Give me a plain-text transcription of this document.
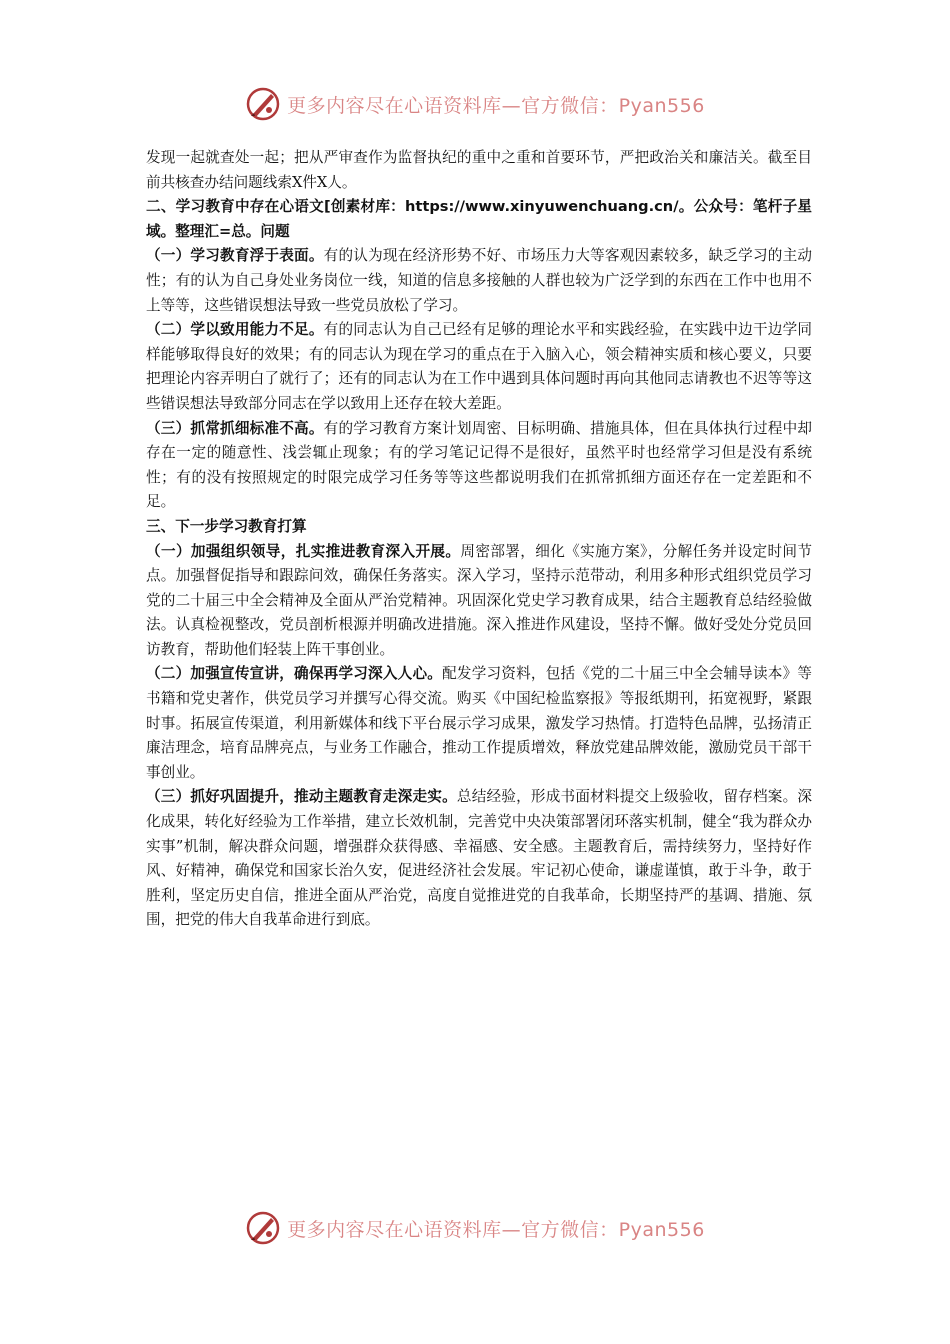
更多内容尽在心语资料库—官方微信：Pyan556

发现一起就查处一起；把从严审查作为监督执纪的重中之重和首要环节，严把政治关和廉洁关。截至目前共核查办结问题线索X件X人。

二、学习教育中存在心语文[创素材库：https://www.xinyuwenchuang.cn/。公众号：笔杆子星域。整理汇=总。问题

（一）学习教育浮于表面。有的认为现在经济形势不好、市场压力大等客观因素较多，缺乏学习的主动性；有的认为自己身处业务岗位一线，知道的信息多接触的人群也较为广泛学到的东西在工作中也用不上等等，这些错误想法导致一些党员放松了学习。

（二）学以致用能力不足。有的同志认为自己已经有足够的理论水平和实践经验，在实践中边干边学同样能够取得良好的效果；有的同志认为现在学习的重点在于入脑入心，领会精神实质和核心要义，只要把理论内容弄明白了就行了；还有的同志认为在工作中遇到具体问题时再向其他同志请教也不迟等等这些错误想法导致部分同志在学以致用上还存在较大差距。

（三）抓常抓细标准不高。有的学习教育方案计划周密、目标明确、措施具体，但在具体执行过程中却存在一定的随意性、浅尝辄止现象；有的学习笔记记得不是很好，虽然平时也经常学习但是没有系统性；有的没有按照规定的时限完成学习任务等等这些都说明我们在抓常抓细方面还存在一定差距和不足。

三、下一步学习教育打算

（一）加强组织领导，扎实推进教育深入开展。周密部署，细化《实施方案》，分解任务并设定时间节点。加强督促指导和跟踪问效，确保任务落实。深入学习，坚持示范带动，利用多种形式组织党员学习党的二十届三中全会精神及全面从严治党精神。巩固深化党史学习教育成果，结合主题教育总结经验做法。认真检视整改，党员剖析根源并明确改进措施。深入推进作风建设，坚持不懈。做好受处分党员回访教育，帮助他们轻装上阵干事创业。

（二）加强宣传宣讲，确保再学习深入人心。配发学习资料，包括《党的二十届三中全会辅导读本》等书籍和党史著作，供党员学习并撰写心得交流。购买《中国纪检监察报》等报纸期刊，拓宽视野，紧跟时事。拓展宣传渠道，利用新媒体和线下平台展示学习成果，激发学习热情。打造特色品牌，弘扬清正廉洁理念，培育品牌亮点，与业务工作融合，推动工作提质增效，释放党建品牌效能，激励党员干部干事创业。

（三）抓好巩固提升，推动主题教育走深走实。总结经验，形成书面材料提交上级验收，留存档案。深化成果，转化好经验为工作举措，建立长效机制，完善党中央决策部署闭环落实机制，健全“我为群众办实事”机制，解决群众问题，增强群众获得感、幸福感、安全感。主题教育后，需持续努力，坚持好作风、好精神，确保党和国家长治久安，促进经济社会发展。牢记初心使命，谦虚谨慎，敢于斗争，敢于胜利，坚定历史自信，推进全面从严治党，高度自觉推进党的自我革命，长期坚持严的基调、措施、氛围，把党的伟大自我革命进行到底。

更多内容尽在心语资料库—官方微信：Pyan556
